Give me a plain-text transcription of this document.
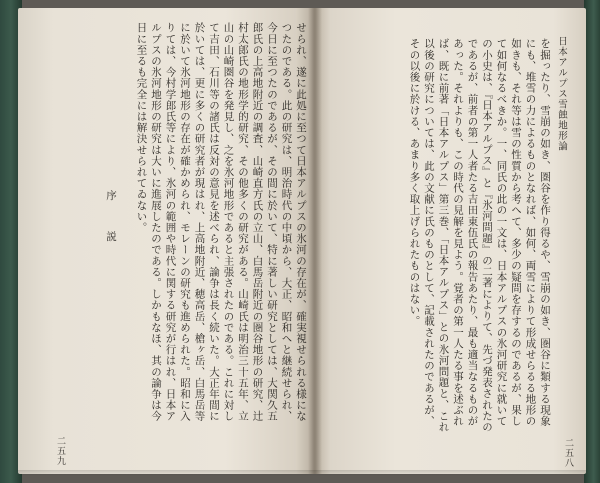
せられ、遂に此処に至つて日本アルプスの氷河の存在が、確実視せられる様になつたのである。此の研究は、明治時代の中頃から、大正、昭和へと継続せられ、今日に至つたのであるが、その間に於いて、特に著しい研究としては、大関久五郎氏の上高地附近の調査、山崎直方氏の立山、白馬岳附近の圏谷地形の研究、辻村太郎氏の地形学的研究、その他多くの研究がある。山崎氏は明治三十五年、立山の山崎圏谷を発見し、之を氷河地形であると主張されたのである。これに対して吉田、石川等の諸氏は反対の意見を述べられ、論争は長く続いた。大正年間に於いては、更に多くの研究者が現はれ、上高地附近、穂高岳、槍ヶ岳、白馬岳等に於いて氷河地形の存在が確かめられ、モレーンの研究も進められた。昭和に入りては、今村学郎氏等により、氷河の範囲や時代に関する研究が行はれ、日本アルプスの氷河地形の研究は大いに進展したのである。しかもなほ、其の論争は今日に至るも完全には解決せられてゐない。
序　説
二五九
日本アルプス雪蝕地形論
を掘ったり、雪崩の如き、圏谷を作り得るや、雪崩の如き、圏谷に類する現象にも、堆雪の力によるものとなれば、如何、両雪によりて形成せらるる地形の如きも、それ等は雪の性質から考へて、多少の疑問を存するのであるが、果して如何なるべきか。一、同氏の此の一文は、日本アルプスの氷河研究に就いての小史は、『日本アルプス』と『氷河問題』の二著によりて、先づ発表されたのであるが、前者の第一人者たる吉田東伍氏の報告あたり、最も適当なるものがあった。それよりも、この時代の見解を見よう。覚者の第一人たる事を述ぶれば、既に前著「日本アルプス」第三巻、「日本アルプス」との氷河問題と、これ以後の研究については、此の文献に氏のものとして、記載されたのであるが、その以後に於ける、あまり多く取上げられたものはない。
二五八
